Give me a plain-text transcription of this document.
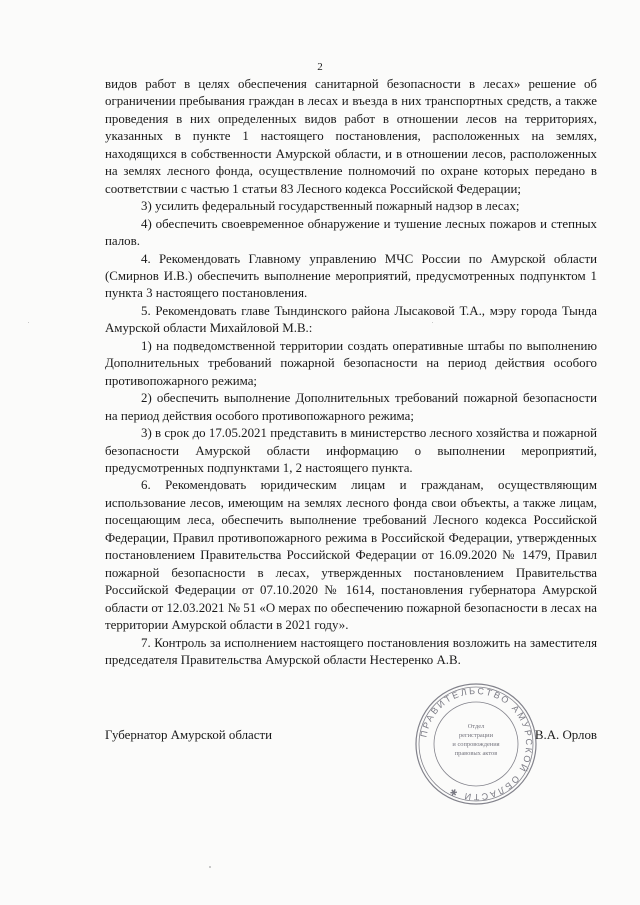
2

видов работ в целях обеспечения санитарной безопасности в лесах» решение об ограничении пребывания граждан в лесах и въезда в них транспортных средств, а также проведения в них определенных видов работ в отношении лесов на территориях, указанных в пункте 1 настоящего постановления, расположенных на землях, находящихся в собственности Амурской области, и в отношении лесов, расположенных на землях лесного фонда, осуществление полномочий по охране которых передано в соответствии с частью 1 статьи 83 Лесного кодекса Российской Федерации;

3) усилить федеральный государственный пожарный надзор в лесах;

4) обеспечить своевременное обнаружение и тушение лесных пожаров и степных палов.

4. Рекомендовать Главному управлению МЧС России по Амурской области (Смирнов И.В.) обеспечить выполнение мероприятий, предусмотренных подпунктом 1 пункта 3 настоящего постановления.

5. Рекомендовать главе Тындинского района Лысаковой Т.А., мэру города Тында Амурской области Михайловой М.В.:

1) на подведомственной территории создать оперативные штабы по выполнению Дополнительных требований пожарной безопасности на период действия особого противопожарного режима;

2) обеспечить выполнение Дополнительных требований пожарной безопасности на период действия особого противопожарного режима;

3) в срок до 17.05.2021 представить в министерство лесного хозяйства и пожарной безопасности Амурской области информацию о выполнении мероприятий, предусмотренных подпунктами 1, 2 настоящего пункта.

6. Рекомендовать юридическим лицам и гражданам, осуществляющим использование лесов, имеющим на землях лесного фонда свои объекты, а также лицам, посещающим леса, обеспечить выполнение требований Лесного кодекса Российской Федерации, Правил противопожарного режима в Российской Федерации, утвержденных постановлением Правительства Российской Федерации от 16.09.2020 № 1479, Правил пожарной безопасности в лесах, утвержденных постановлением Правительства Российской Федерации от 07.10.2020 № 1614, постановления губернатора Амурской области от 12.03.2021 № 51 «О мерах по обеспечению пожарной безопасности в лесах на территории Амурской области в 2021 году».

7. Контроль за исполнением настоящего постановления возложить на заместителя председателя Правительства Амурской области Нестеренко А.В.

Губернатор Амурской области	В.А. Орлов
ПРАВИТЕЛЬСТВО АМУРСКОЙ ОБЛАСТИ ✱
Отдел
регистрации
и сопровождения
правовых актов
